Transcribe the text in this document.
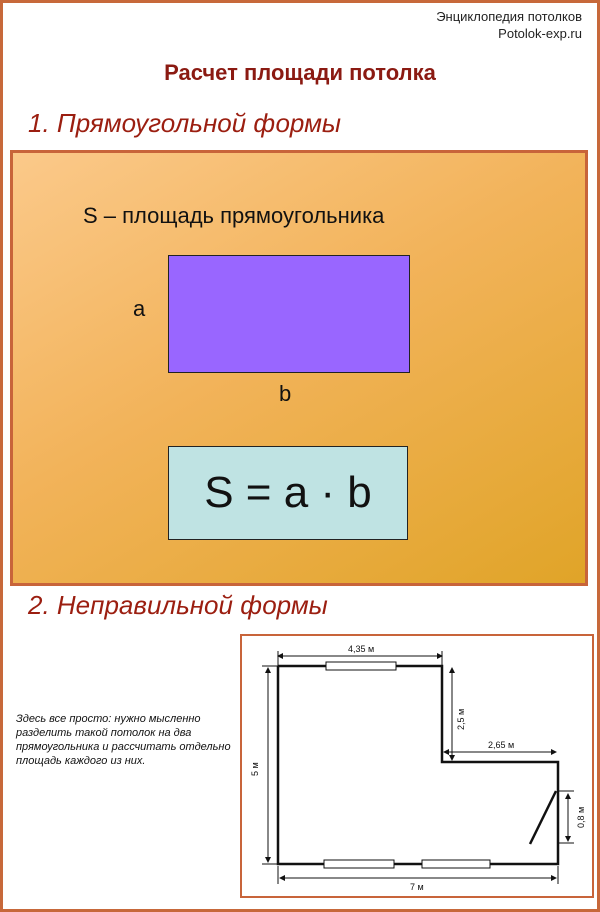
Энциклопедия потолков
Potolok-exp.ru
Расчет площади потолка
1. Прямоугольной формы
S – площадь прямоугольника
a
b
S = a · b
2. Неправильной формы
Здесь все просто: нужно мысленно разделить такой потолок на два прямоугольника и рассчитать отдельно площадь каждого из них.
4,35 м
2,5 м
2,65 м
5 м
0,8 м
7 м
